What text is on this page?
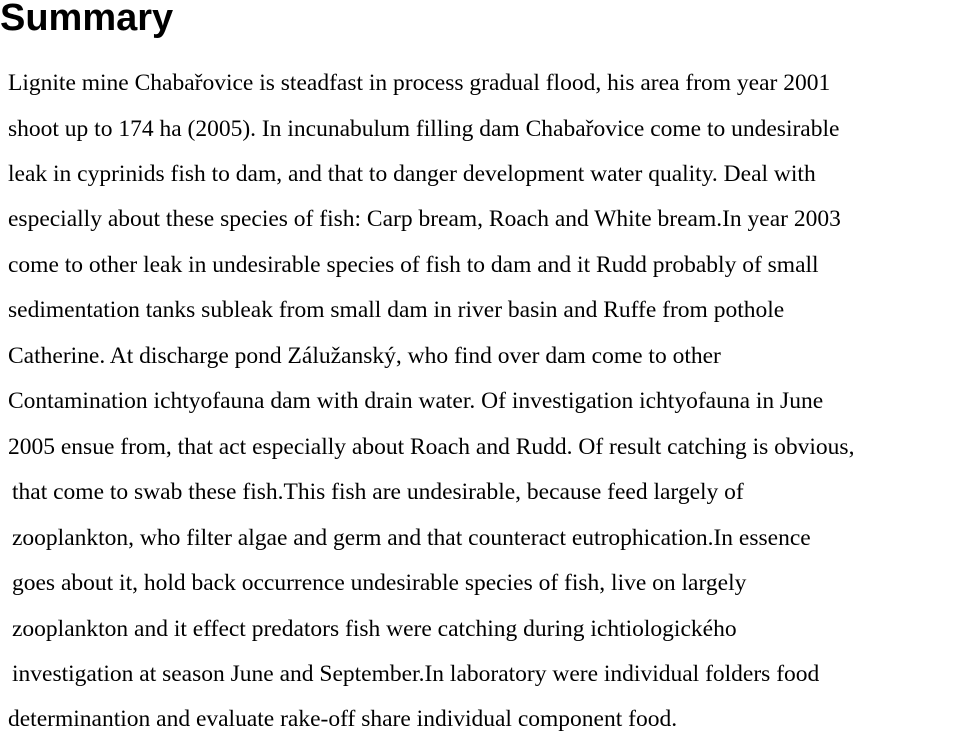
Summary

Lignite mine Chabařovice is steadfast in process gradual flood, his area from year 2001

shoot up to 174 ha (2005). In incunabulum filling dam Chabařovice come to undesirable

leak in cyprinids fish to dam, and that to danger development water quality. Deal with

especially about these species of fish: Carp bream, Roach and White bream.In year 2003

come to other leak in undesirable species of fish to dam and it Rudd probably of small

sedimentation tanks subleak from small dam in river basin and Ruffe from pothole

Catherine. At discharge pond Zálužanský, who find over dam come to other

Contamination ichtyofauna dam with drain water. Of investigation ichtyofauna in June

2005 ensue from, that act especially about Roach and Rudd. Of result catching is obvious,

that come to swab these fish.This fish are undesirable, because feed largely of

zooplankton, who filter algae and germ and that counteract eutrophication.In essence

goes about it, hold back occurrence undesirable species of fish, live on largely

zooplankton and it effect predators fish were catching during ichtiologického

investigation at season June and September.In laboratory were individual folders food

determinantion and evaluate rake-off share individual component food.
